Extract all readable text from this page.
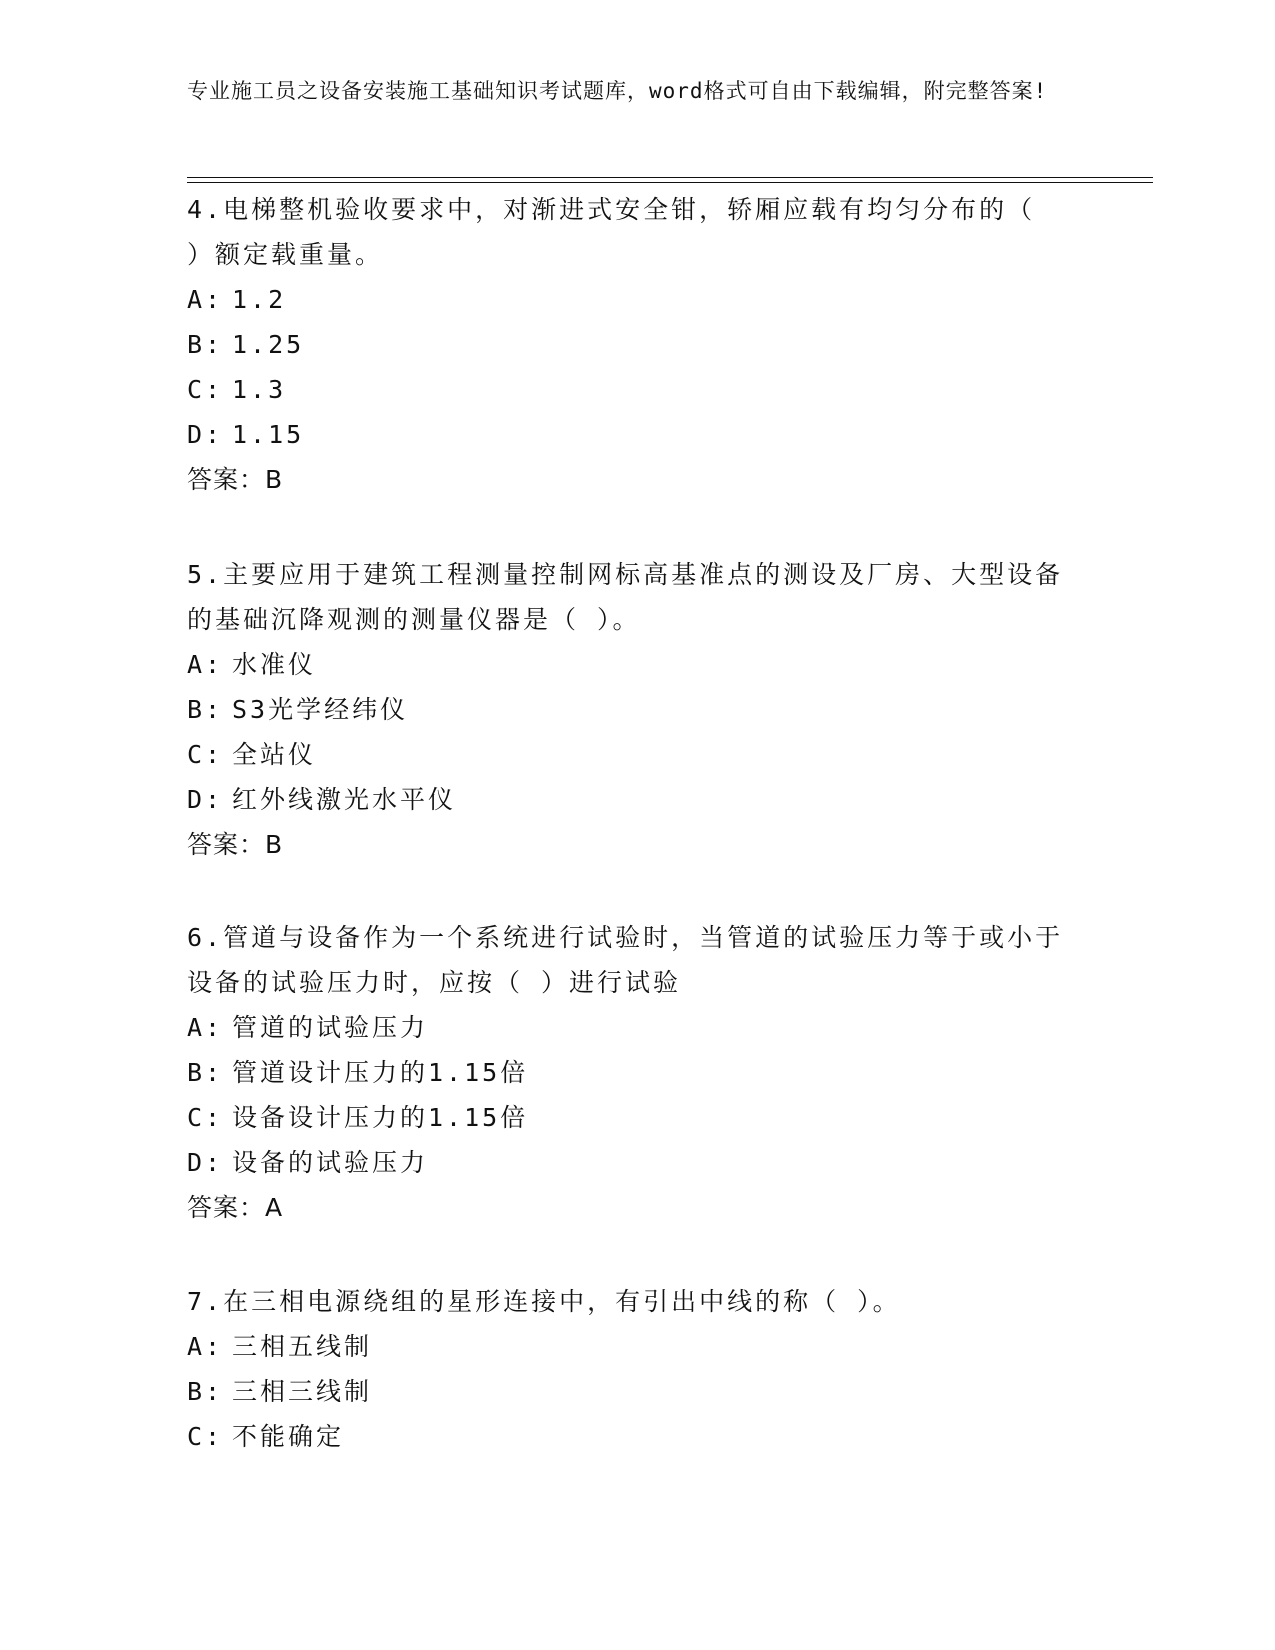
专业施工员之设备安装施工基础知识考试题库，word格式可自由下载编辑，附完整答案!

4.电梯整机验收要求中，对渐进式安全钳，轿厢应载有均匀分布的（ ）额定载重量。

A: 1.2

B: 1.25

C: 1.3

D: 1.15

答案：B

5.主要应用于建筑工程测量控制网标高基准点的测设及厂房、大型设备的基础沉降观测的测量仪器是（ ）。

A: 水准仪

B: S3光学经纬仪

C: 全站仪

D: 红外线激光水平仪

答案：B

6.管道与设备作为一个系统进行试验时，当管道的试验压力等于或小于设备的试验压力时，应按（ ）进行试验

A: 管道的试验压力

B: 管道设计压力的1.15倍

C: 设备设计压力的1.15倍

D: 设备的试验压力

答案：A

7.在三相电源绕组的星形连接中，有引出中线的称（ ）。

A: 三相五线制

B: 三相三线制

C: 不能确定
